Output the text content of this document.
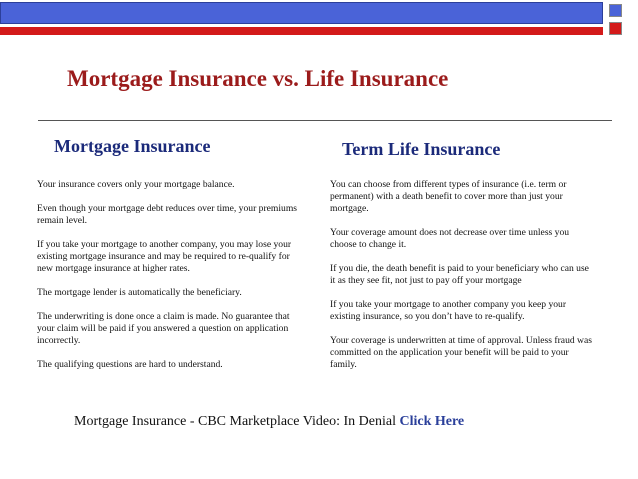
Mortgage Insurance vs. Life Insurance
Mortgage Insurance	Term Life Insurance

Your insurance covers only your mortgage balance.

Even though your mortgage debt reduces over time, your premiums remain level.

If you take your mortgage to another company, you may lose your existing mortgage insurance and may be required to re-qualify for new mortgage insurance at higher rates.

The mortgage lender is automatically the beneficiary.

The underwriting is done once a claim is made. No guarantee that your claim will be paid if you answered a question on application incorrectly.

The qualifying questions are hard to understand.

You can choose from different types of insurance (i.e. term or permanent) with a death benefit to cover more than just your mortgage.

Your coverage amount does not decrease over time unless you choose to change it.

If you die, the death benefit is paid to your beneficiary who can use it as they see fit, not just to pay off your mortgage

If you take your mortgage to another company you keep your existing insurance, so you don’t have to re-qualify.

Your coverage is underwritten at time of approval. Unless fraud was committed on the application your benefit will be paid to your family.

Mortgage Insurance - CBC Marketplace Video: In Denial Click Here
